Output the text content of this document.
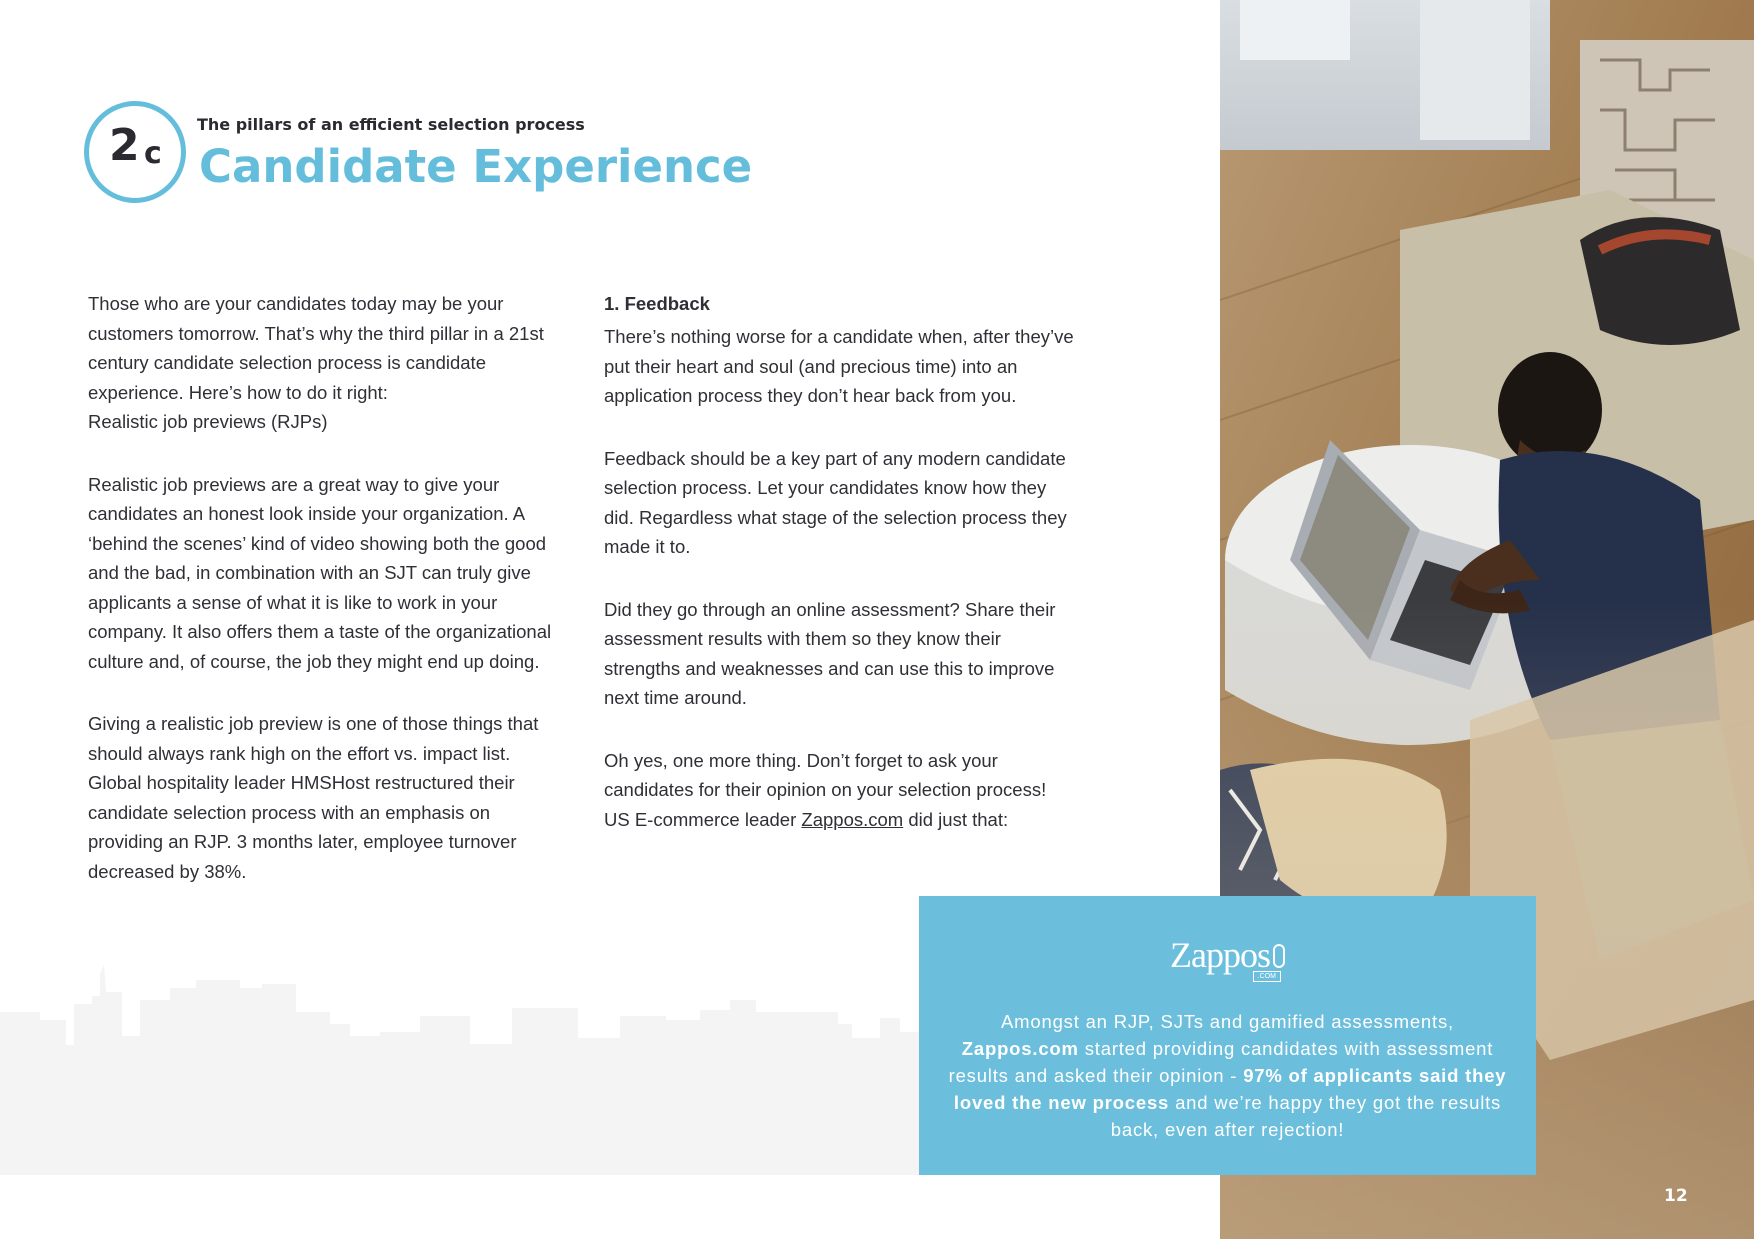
2 c
The pillars of an efficient selection process
Candidate Experience

Those who are your candidates today may be your customers tomorrow. That’s why the third pillar in a 21st century candidate selection process is candidate experience. Here’s how to do it right:

Realistic job previews (RJPs)

Realistic job previews are a great way to give your candidates an honest look inside your organization. A ‘behind the scenes’ kind of video showing both the good and the bad, in combination with an SJT can truly give applicants a sense of what it is like to work in your company. It also offers them a taste of the organizational culture and, of course, the job they might end up doing.

Giving a realistic job preview is one of those things that should always rank high on the effort vs. impact list. Global hospitality leader HMSHost restructured their candidate selection process with an emphasis on providing an RJP. 3 months later, employee turnover decreased by 38%.

1. Feedback

There’s nothing worse for a candidate when, after they’ve put their heart and soul (and precious time) into an application process they don’t hear back from you.

Feedback should be a key part of any modern candidate selection process. Let your candidates know how they did. Regardless what stage of the selection process they made it to.

Did they go through an online assessment? Share their assessment results with them so they know their strengths and weaknesses and can use this to improve next time around.

Oh yes, one more thing. Don’t forget to ask your candidates for their opinion on your selection process! US E-commerce leader Zappos.com did just that:

Zappos
.COM
Amongst an RJP, SJTs and gamified assessments, Zappos.com started providing candidates with assessment results and asked their opinion - 97% of applicants said they loved the new process and we’re happy they got the results back, even after rejection!
12
